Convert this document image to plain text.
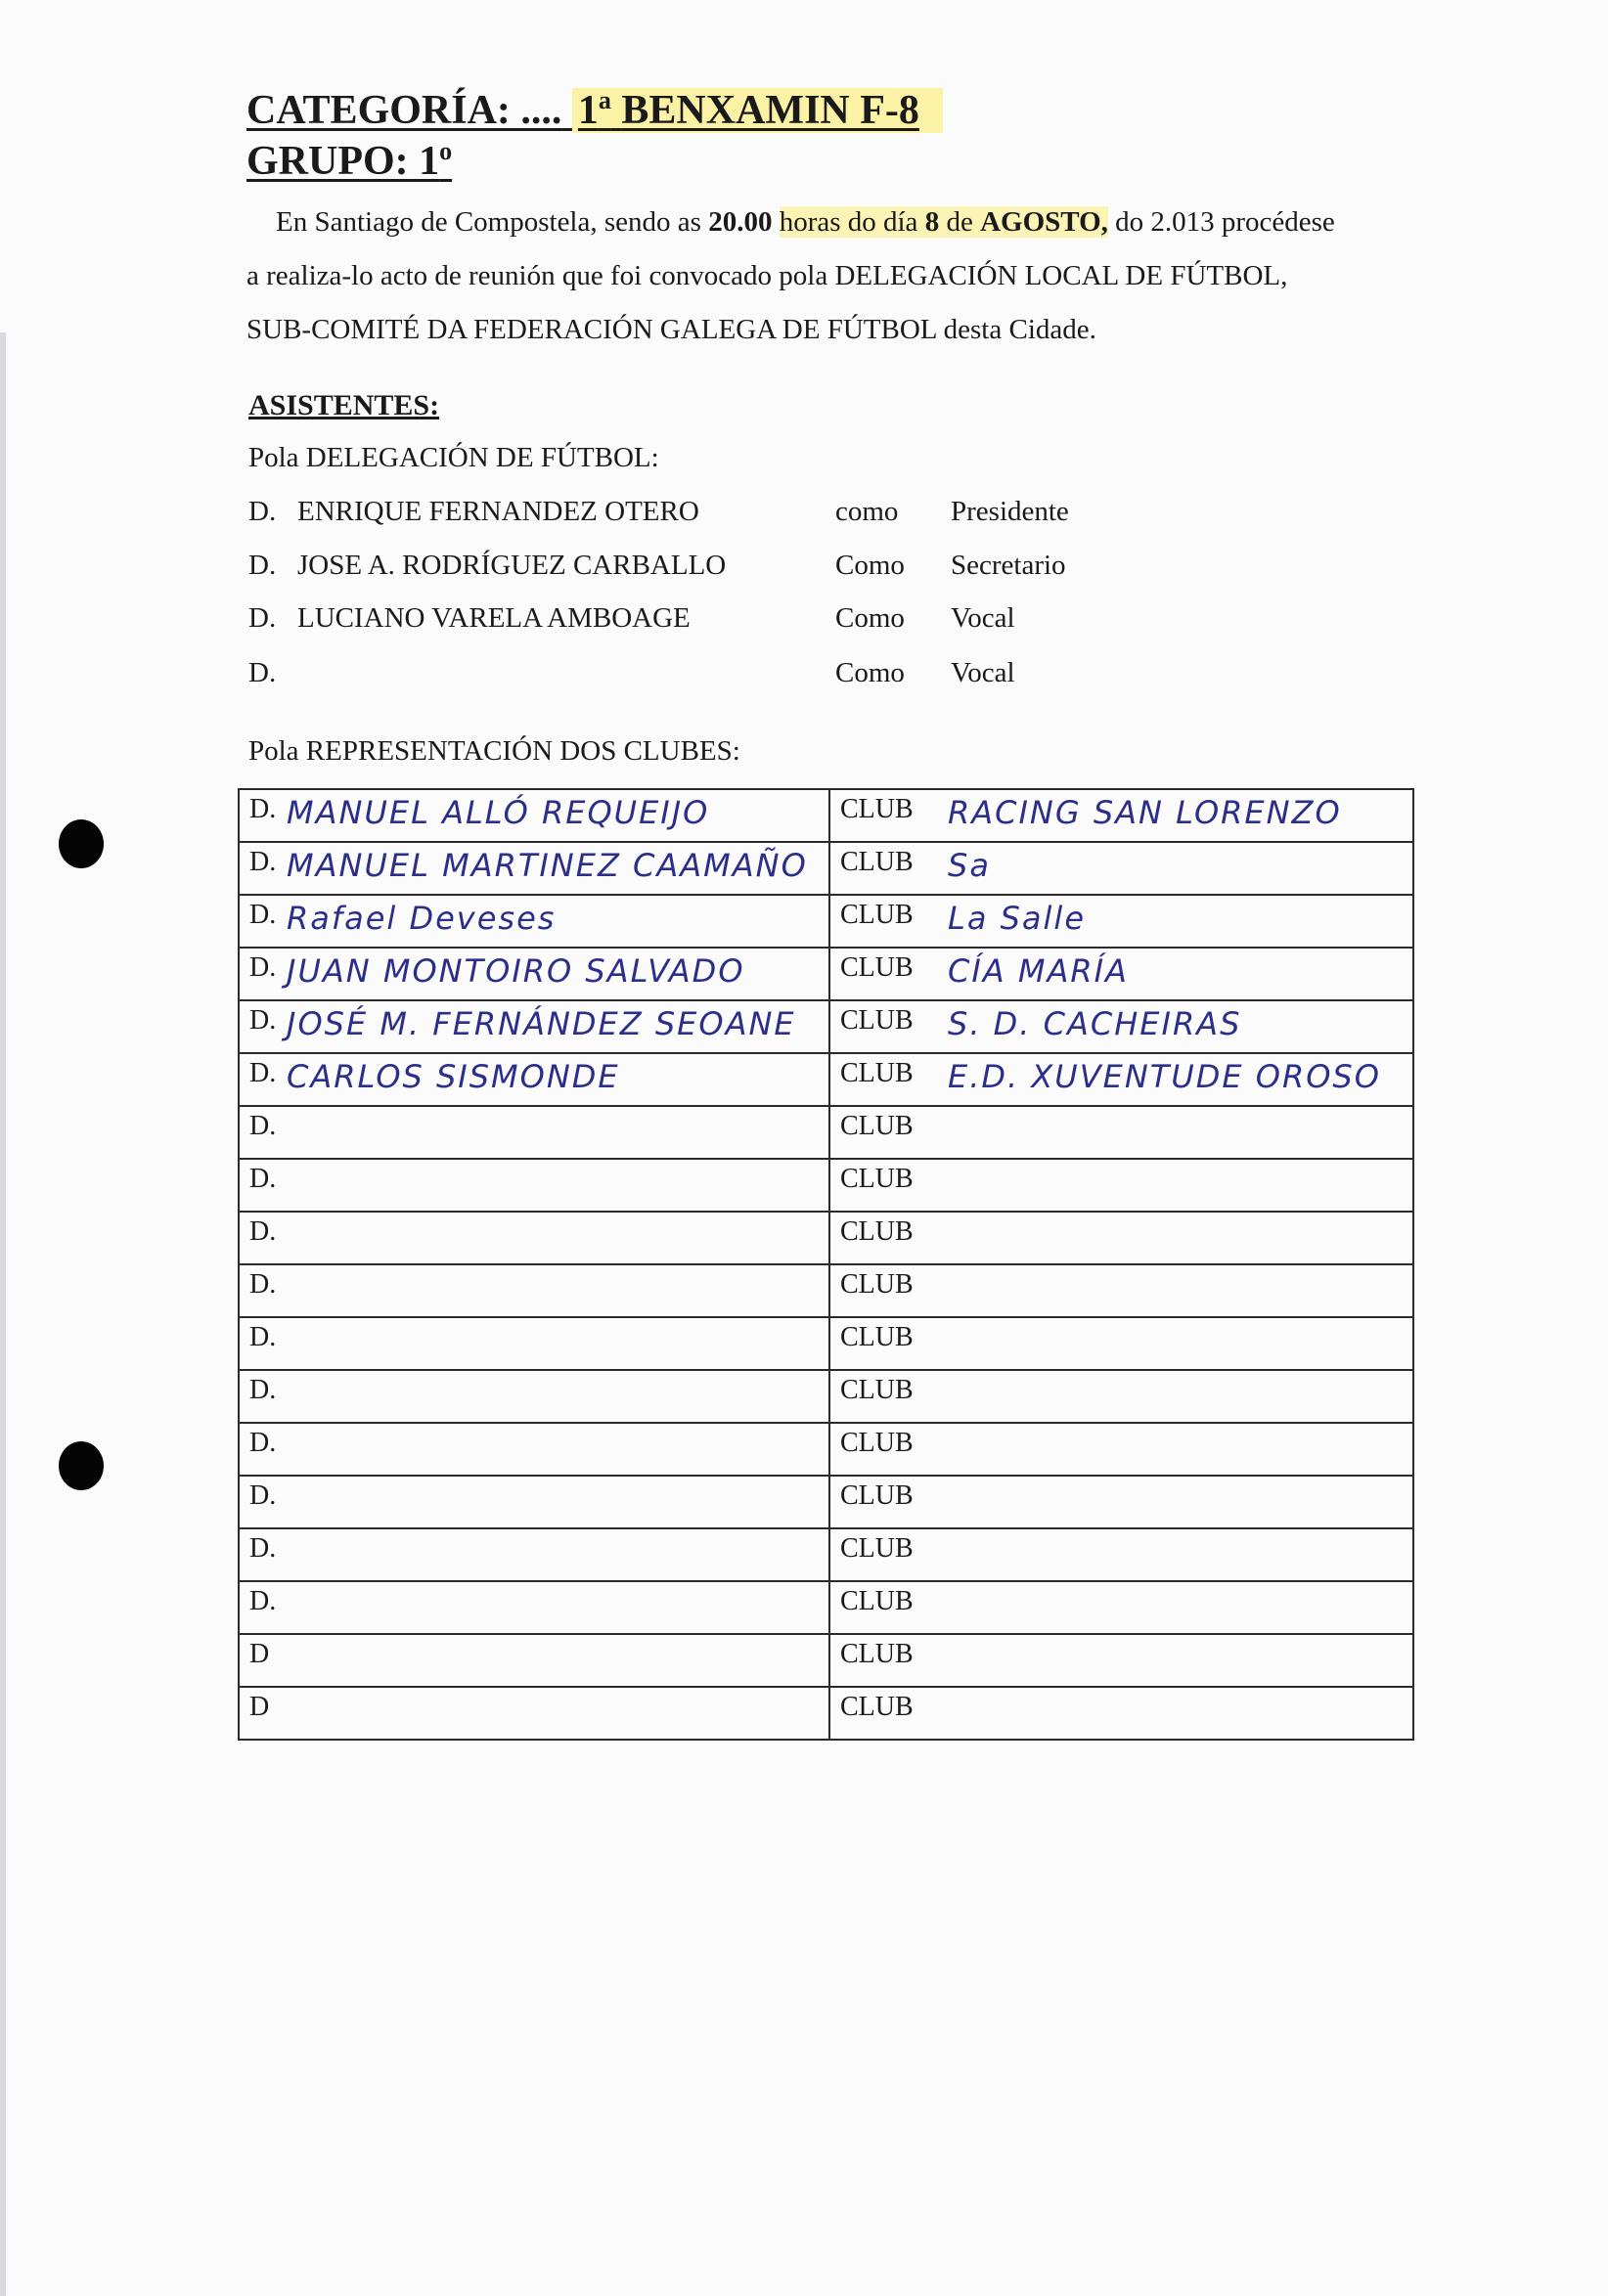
CATEGORÍA: .... 1$^a$ BENXAMIN F-8
GRUPO: 1$^o$

En Santiago de Compostela, sendo as 20.00 horas do día 8 de AGOSTO, do 2.013 procédese

a realiza-lo acto de reunión que foi convocado pola DELEGACIÓN LOCAL DE FÚTBOL,

SUB-COMITÉ DA FEDERACIÓN GALEGA DE FÚTBOL desta Cidade.

ASISTENTES:
Pola DELEGACIÓN DE FÚTBOL:
D. ENRIQUE FERNANDEZ OTERO	como Presidente
D. JOSE A. RODRÍGUEZ CARBALLO	Como Secretario
D. LUCIANO VARELA AMBOAGE	Como Vocal
D.	Como Vocal
Pola REPRESENTACIÓN DOS CLUBES:
D. MANUEL ALLÓ REQUEIJO	CLUB RACING SAN LORENZO

D. MANUEL MARTINEZ CAAMAÑO	CLUB Sa

D. Rafael Deveses	CLUB La Salle

D. JUAN MONTOIRO SALVADO	CLUB CÍA MARÍA

D. JOSÉ M. FERNÁNDEZ SEOANE	CLUB S. D. CACHEIRAS

D. CARLOS SISMONDE	CLUB E.D. XUVENTUDE OROSO

D.	CLUB

D.	CLUB

D.	CLUB

D.	CLUB

D.	CLUB

D.	CLUB

D.	CLUB

D.	CLUB

D.	CLUB

D.	CLUB

D	CLUB

D	CLUB
